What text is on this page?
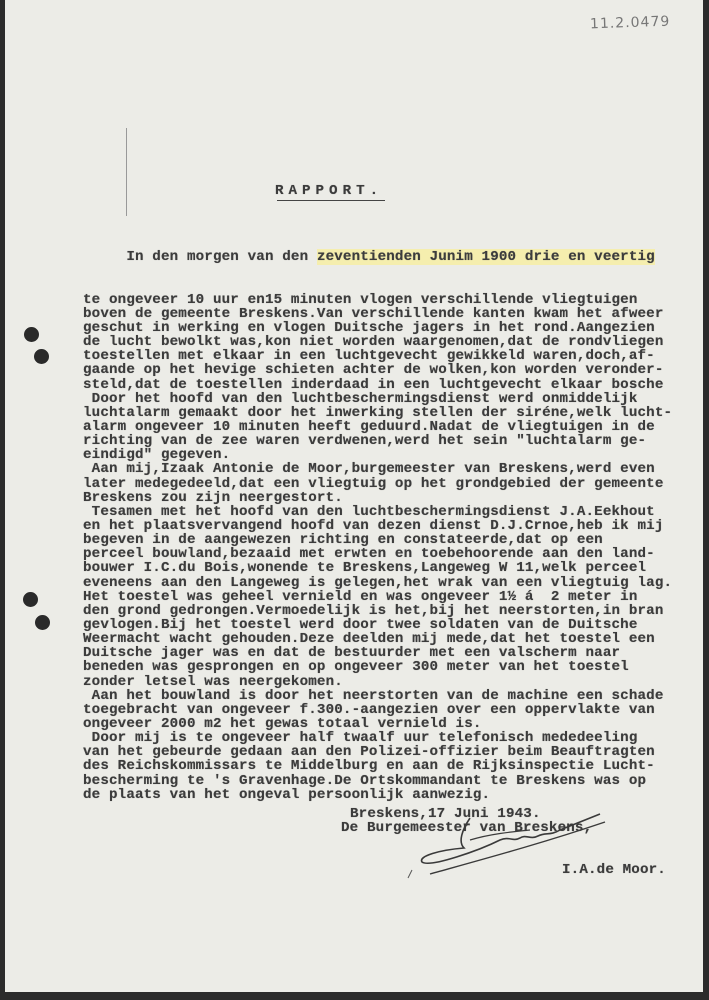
11.2.0479
RAPPORT.

In den morgen van den zeventienden Junim 1900 drie en veertig

te ongeveer 10 uur en15 minuten vlogen verschillende vliegtuigen
boven de gemeente Breskens.Van verschillende kanten kwam het afweer
geschut in werking en vlogen Duitsche jagers in het rond.Aangezien
de lucht bewolkt was,kon niet worden waargenomen,dat de rondvliegen
toestellen met elkaar in een luchtgevecht gewikkeld waren,doch,af-
gaande op het hevige schieten achter de wolken,kon worden veronder-
steld,dat de toestellen inderdaad in een luchtgevecht elkaar bosche
Door het hoofd van den luchtbeschermingsdienst werd onmiddelijk
luchtalarm gemaakt door het inwerking stellen der siréne,welk lucht-
alarm ongeveer 10 minuten heeft geduurd.Nadat de vliegtuigen in de
richting van de zee waren verdwenen,werd het sein "luchtalarm ge-
eindigd" gegeven.
Aan mij,Izaak Antonie de Moor,burgemeester van Breskens,werd even
later medegedeeld,dat een vliegtuig op het grondgebied der gemeente
Breskens zou zijn neergestort.
Tesamen met het hoofd van den luchtbeschermingsdienst J.A.Eekhout
en het plaatsvervangend hoofd van dezen dienst D.J.Crnoe,heb ik mij
begeven in de aangewezen richting en constateerde,dat op een
perceel bouwland,bezaaid met erwten en toebehoorende aan den land-
bouwer I.C.du Bois,wonende te Breskens,Langeweg W 11,welk perceel
eveneens aan den Langeweg is gelegen,het wrak van een vliegtuig lag.
Het toestel was geheel vernield en was ongeveer 1½ á  2 meter in
den grond gedrongen.Vermoedelijk is het,bij het neerstorten,in bran
gevlogen.Bij het toestel werd door twee soldaten van de Duitsche
Weermacht wacht gehouden.Deze deelden mij mede,dat het toestel een
Duitsche jager was en dat de bestuurder met een valscherm naar
beneden was gesprongen en op ongeveer 300 meter van het toestel
zonder letsel was neergekomen.
Aan het bouwland is door het neerstorten van de machine een schade
toegebracht van ongeveer f.300.-aangezien over een oppervlakte van
ongeveer 2000 m2 het gewas totaal vernield is.
Door mij is te ongeveer half twaalf uur telefonisch mededeeling
van het gebeurde gedaan aan den Polizei-offizier beim Beauftragten
des Reichskommissars te Middelburg en aan de Rijksinspectie Lucht-
bescherming te 's Gravenhage.De Ortskommandant te Breskens was op
de plaats van het ongeval persoonlijk aanwezig.
Breskens,17 Juni 1943.
De Burgemeester van Breskens,
I.A.de Moor.
